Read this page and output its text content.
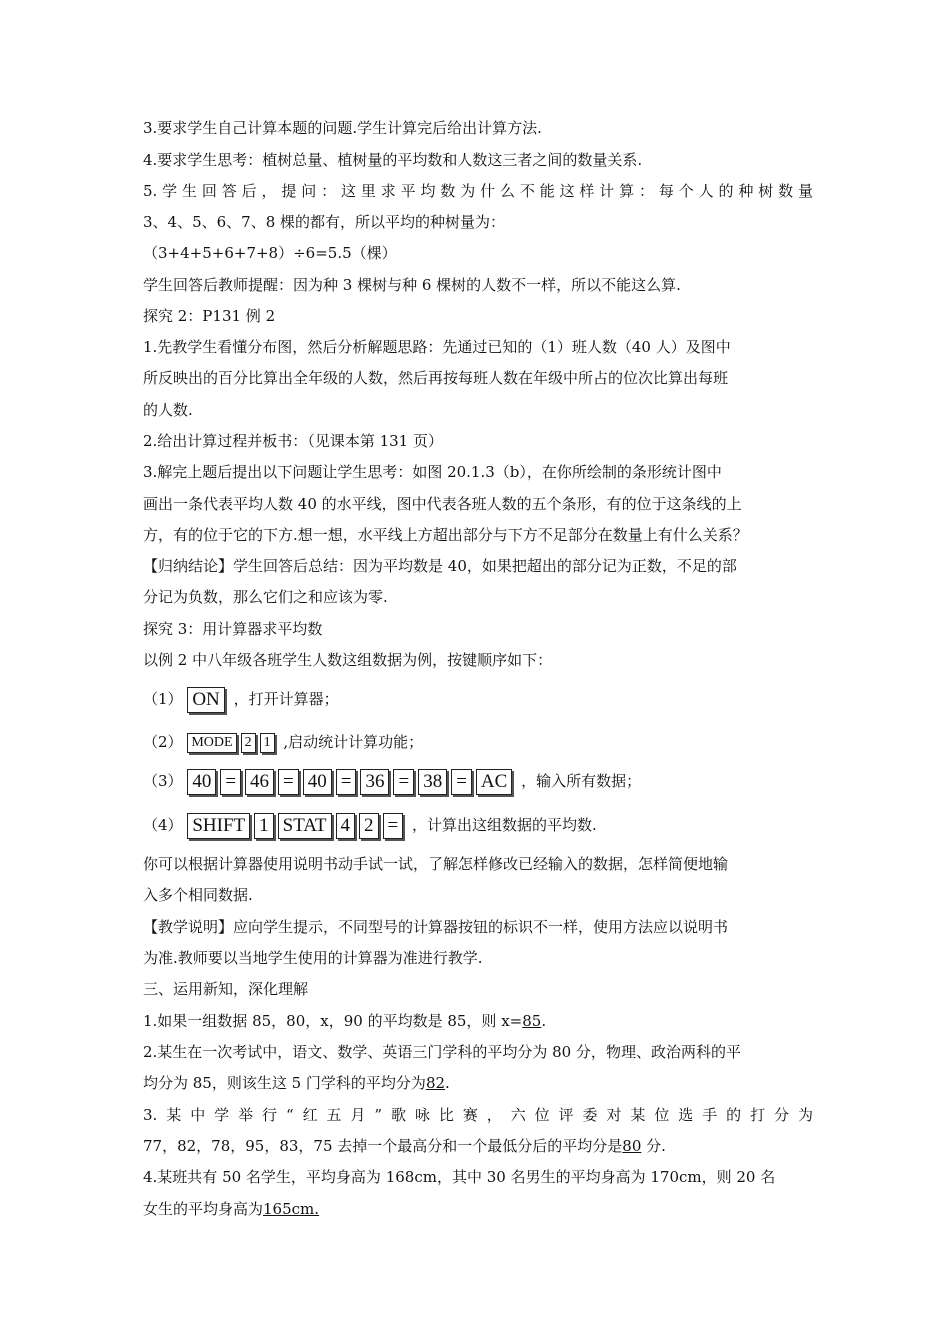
3.要求学生自己计算本题的问题.学生计算完后给出计算方法.
4.要求学生思考：植树总量、植树量的平均数和人数这三者之间的数量关系.
5.学生回答后，提问：这里求平均数为什么不能这样计算：每个人的种树数量
3、4、5、6、7、8 棵的都有，所以平均的种树量为：
（3+4+5+6+7+8）÷6=5.5（棵）
学生回答后教师提醒：因为种 3 棵树与种 6 棵树的人数不一样，所以不能这么算.
探究 2：P131 例 2
1.先教学生看懂分布图，然后分析解题思路：先通过已知的（1）班人数（40 人）及图中
所反映出的百分比算出全年级的人数，然后再按每班人数在年级中所占的位次比算出每班
的人数.
2.给出计算过程并板书：（见课本第 131 页）
3.解完上题后提出以下问题让学生思考：如图 20.1.3（b），在你所绘制的条形统计图中
画出一条代表平均人数 40 的水平线，图中代表各班人数的五个条形，有的位于这条线的上
方，有的位于它的下方.想一想，水平线上方超出部分与下方不足部分在数量上有什么关系？
【归纳结论】学生回答后总结：因为平均数是 40，如果把超出的部分记为正数，不足的部
分记为负数，那么它们之和应该为零.
探究 3：用计算器求平均数
以例 2 中八年级各班学生人数这组数据为例，按键顺序如下：
（1） ON ，打开计算器；
（2） MODE 2 1 ,启动统计计算功能；
（3） 40 = 46 = 40 = 36 = 38 = AC ，输入所有数据；
（4） SHIFT 1 STAT 4 2 = ，计算出这组数据的平均数.
你可以根据计算器使用说明书动手试一试，了解怎样修改已经输入的数据，怎样简便地输
入多个相同数据.
【教学说明】应向学生提示，不同型号的计算器按钮的标识不一样，使用方法应以说明书
为准.教师要以当地学生使用的计算器为准进行教学.
三、运用新知，深化理解
1.如果一组数据 85，80，x，90 的平均数是 85，则 x=85.
2.某生在一次考试中，语文、数学、英语三门学科的平均分为 80 分，物理、政治两科的平
均分为 85，则该生这 5 门学科的平均分为82.
3.某中学举行“红五月”歌咏比赛，六位评委对某位选手的打分为
77，82，78，95，83，75 去掉一个最高分和一个最低分后的平均分是80 分.
4.某班共有 50 名学生，平均身高为 168cm，其中 30 名男生的平均身高为 170cm，则 20 名
女生的平均身高为165cm.
